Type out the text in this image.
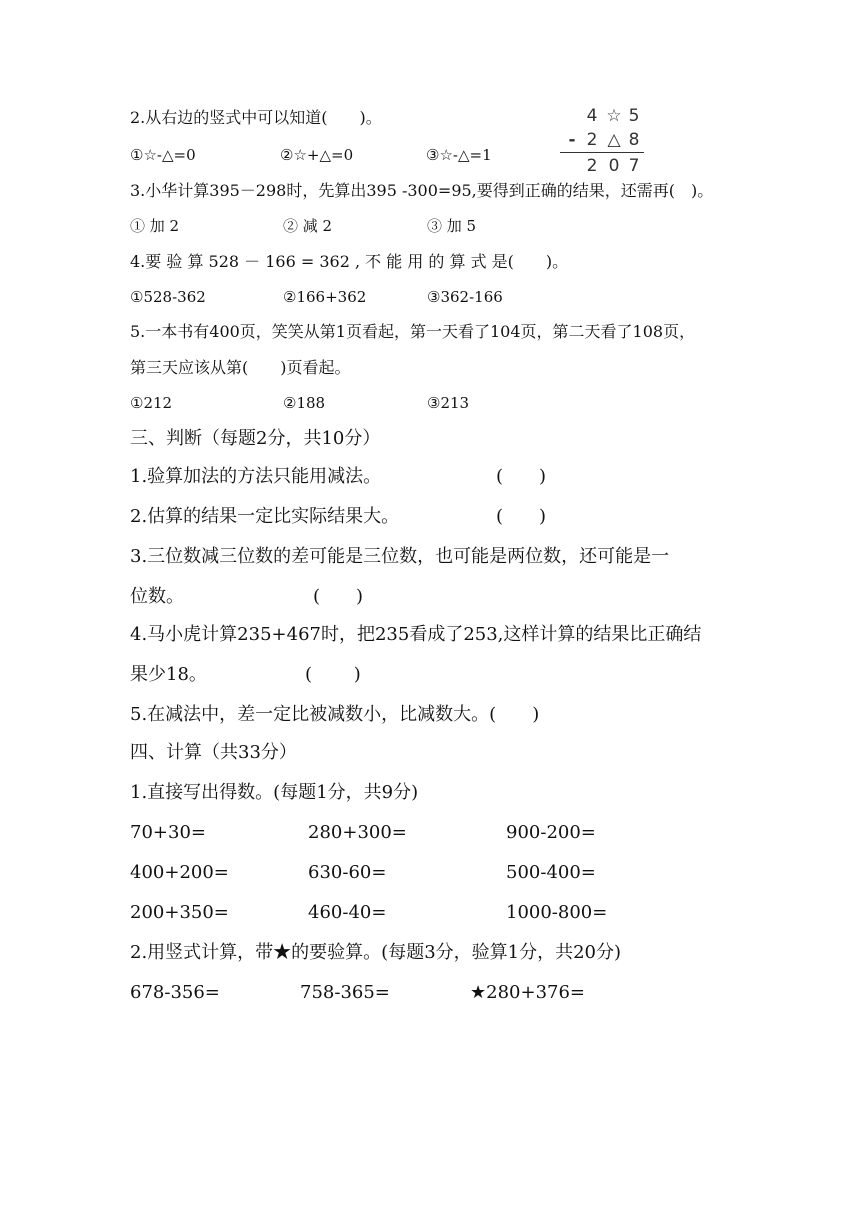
2.从右边的竖式中可以知道(　　)。
①☆-△=0	②☆+△=0	③☆-△=1
4 ☆ 5
- 2 △ 8
2 0 7
3.小华计算395－298时，先算出395 -300=95,要得到正确的结果，还需再(　)。
① 加 2	② 减 2	③ 加 5
4.要 验 算 528 － 166 = 362 , 不 能 用 的 算 式 是(　　)。
①528-362	②166+362	③362-166
5.一本书有400页，笑笑从第1页看起，第一天看了104页，第二天看了108页，
第三天应该从第(　　)页看起。
①212	②188	③213
三、判断（每题2分，共10分）
1.验算加法的方法只能用减法。	(　　)
2.估算的结果一定比实际结果大。	(　　)
3.三位数减三位数的差可能是三位数，也可能是两位数，还可能是一
位数。	(　　)
4.马小虎计算235+467时，把235看成了253,这样计算的结果比正确结
果少18。	(　　 )
5.在减法中，差一定比被减数小，比减数大。(　　)
四、计算（共33分）
1.直接写出得数。(每题1分，共9分)
70+30=	280+300=	900-200=
400+200=	630-60=	500-400=
200+350=	460-40=	1000-800=
2.用竖式计算，带★的要验算。(每题3分，验算1分，共20分)
678-356=	758-365=	★280+376=
